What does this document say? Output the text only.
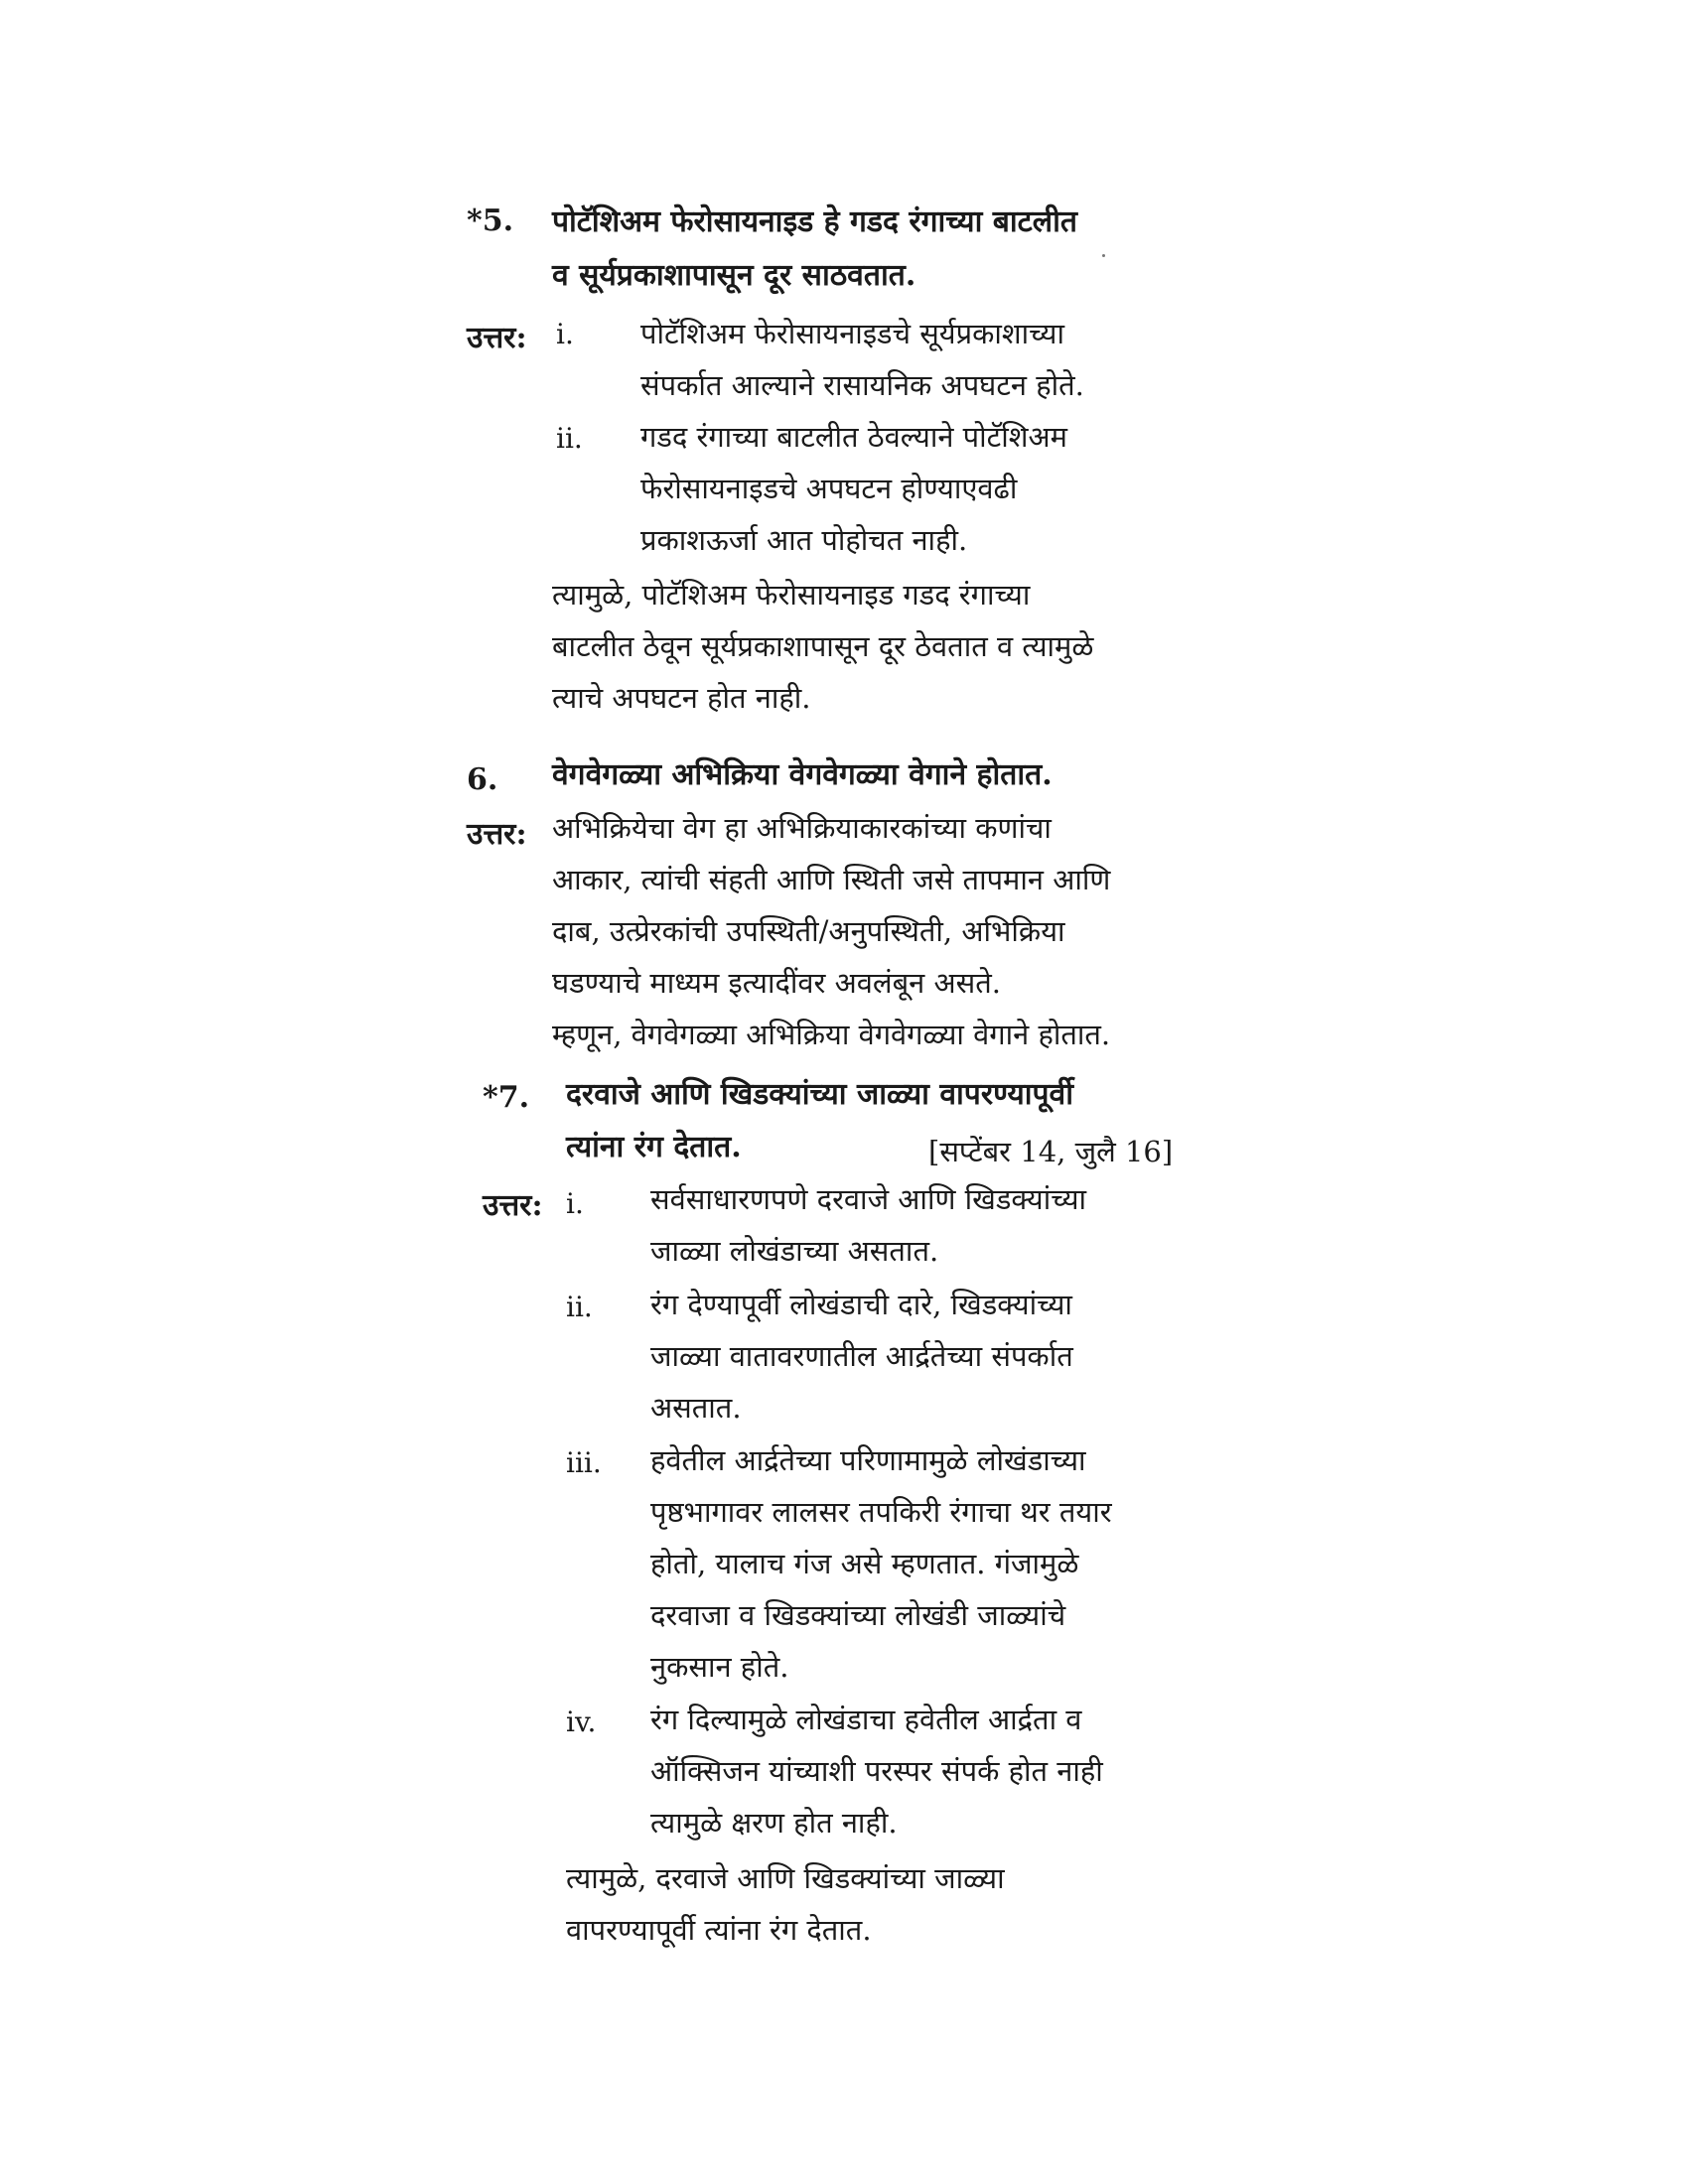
*5. पोटॅशिअम फेरोसायनाइड हे गडद रंगाच्या बाटलीत
व सूर्यप्रकाशापासून दूर साठवतात.
उत्तर: i. पोटॅशिअम फेरोसायनाइडचे सूर्यप्रकाशाच्या
संपर्कात आल्याने रासायनिक अपघटन होते.
ii. गडद रंगाच्या बाटलीत ठेवल्याने पोटॅशिअम
फेरोसायनाइडचे अपघटन होण्याएवढी
प्रकाशऊर्जा आत पोहोचत नाही.
त्यामुळे, पोटॅशिअम फेरोसायनाइड गडद रंगाच्या
बाटलीत ठेवून सूर्यप्रकाशापासून दूर ठेवतात व त्यामुळे
त्याचे अपघटन होत नाही.
6. वेगवेगळ्या अभिक्रिया वेगवेगळ्या वेगाने होतात.
उत्तर: अभिक्रियेचा वेग हा अभिक्रियाकारकांच्या कणांचा
आकार, त्यांची संहती आणि स्थिती जसे तापमान आणि
दाब, उत्प्रेरकांची उपस्थिती/अनुपस्थिती, अभिक्रिया
घडण्याचे माध्यम इत्यादींवर अवलंबून असते.
म्हणून, वेगवेगळ्या अभिक्रिया वेगवेगळ्या वेगाने होतात.
*7. दरवाजे आणि खिडक्यांच्या जाळ्या वापरण्यापूर्वी
त्यांना रंग देतात.	[सप्टेंबर 14, जुलै 16]
उत्तर: i. सर्वसाधारणपणे दरवाजे आणि खिडक्यांच्या
जाळ्या लोखंडाच्या असतात.
ii. रंग देण्यापूर्वी लोखंडाची दारे, खिडक्यांच्या
जाळ्या वातावरणातील आर्द्रतेच्या संपर्कात
असतात.
iii. हवेतील आर्द्रतेच्या परिणामामुळे लोखंडाच्या
पृष्ठभागावर लालसर तपकिरी रंगाचा थर तयार
होतो, यालाच गंज असे म्हणतात. गंजामुळे
दरवाजा व खिडक्यांच्या लोखंडी जाळ्यांचे
नुकसान होते.
iv. रंग दिल्यामुळे लोखंडाचा हवेतील आर्द्रता व
ऑक्सिजन यांच्याशी परस्पर संपर्क होत नाही
त्यामुळे क्षरण होत नाही.
त्यामुळे, दरवाजे आणि खिडक्यांच्या जाळ्या
वापरण्यापूर्वी त्यांना रंग देतात.
